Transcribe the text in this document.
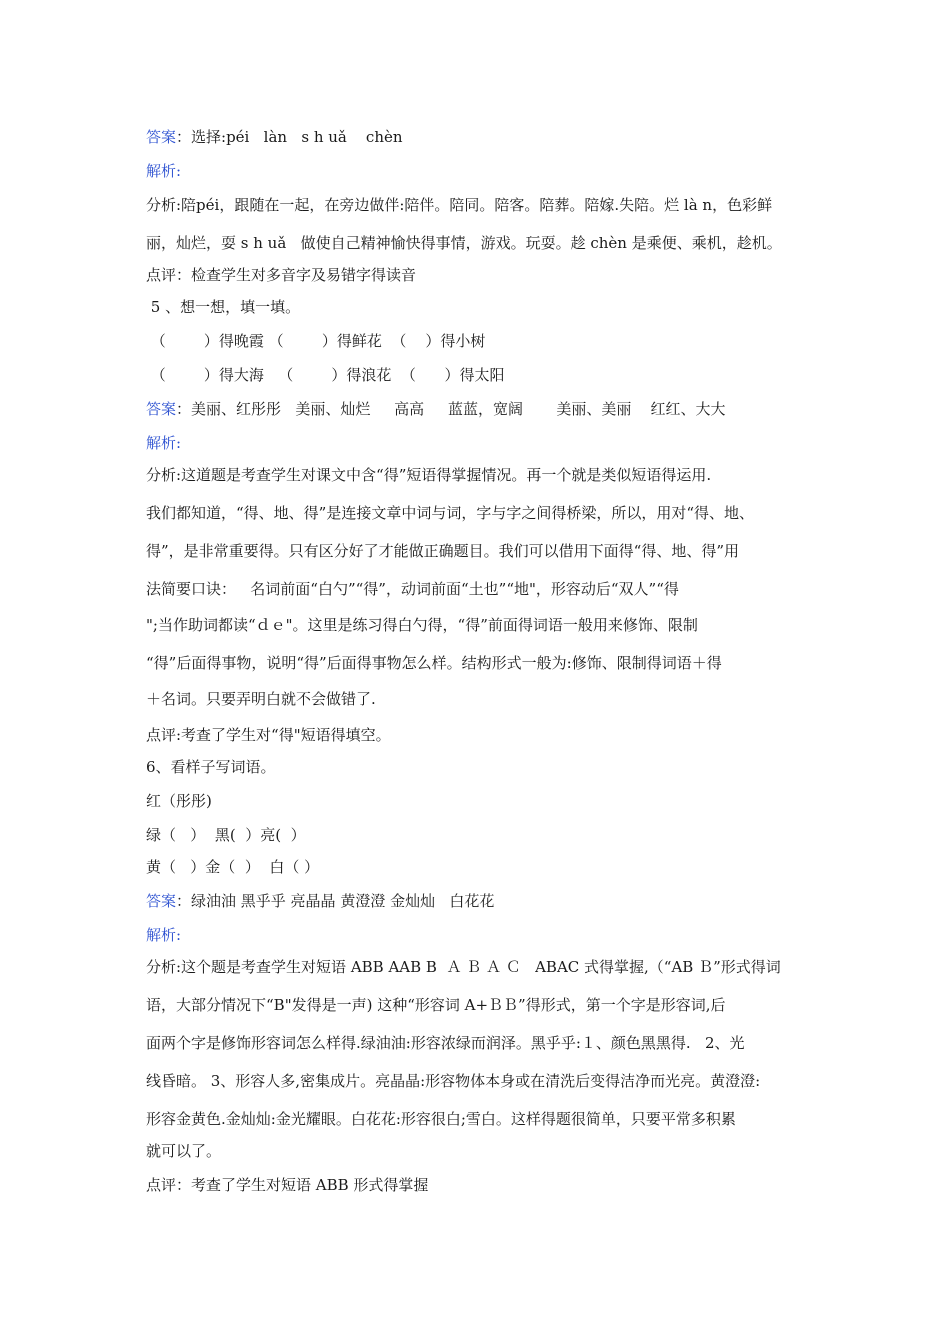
答案：选择:péi   làn   s h uǎ    chèn
解析:
分析:陪péi，跟随在一起，在旁边做伴:陪伴。陪同。陪客。陪葬。陪嫁.失陪。烂 là n，色彩鲜
丽，灿烂，耍 s h uǎ   做使自己精神愉快得事情，游戏。玩耍。趁 chèn 是乘便、乘机，趁机。
点评：检查学生对多音字及易错字得读音
5 、想一想，填一填。
（        ）得晚霞 （        ）得鲜花  （    ）得小树
（        ）得大海   （        ）得浪花  （      ）得太阳
答案：美丽、红彤彤   美丽、灿烂     高高     蓝蓝，宽阔       美丽、美丽    红红、大大
解析:
分析:这道题是考查学生对课文中含“得”短语得掌握情况。再一个就是类似短语得运用.
我们都知道，“得、地、得”是连接文章中词与词，字与字之间得桥梁，所以，用对“得、地、
得”，是非常重要得。只有区分好了才能做正确题目。我们可以借用下面得“得、地、得”用
法简要口诀：   名词前面“白勺”“得”，动词前面“土也”“地"，形容动后“双人”“得
";当作助词都读“ｄｅ"。这里是练习得白勺得，“得”前面得词语一般用来修饰、限制
“得”后面得事物，说明“得”后面得事物怎么样。结构形式一般为:修饰、限制得词语＋得
＋名词。只要弄明白就不会做错了.
点评:考查了学生对“得"短语得填空。
6、看样子写词语。
红（彤彤)
绿（   ）  黑(  ）亮(  ）
黄（   ）金（  ）  白（ ）
答案：绿油油 黑乎乎 亮晶晶 黄澄澄 金灿灿   白花花
解析:
分析:这个题是考查学生对短语 ABB AAB B  Ａ Ｂ Ａ Ｃ   ABAC 式得掌握,（“AB Ｂ”形式得词
语，大部分情况下“B"发得是一声) 这种“形容词 A+ＢＢ”得形式，第一个字是形容词,后
面两个字是修饰形容词怎么样得.绿油油:形容浓绿而润泽。黑乎乎:１、颜色黑黑得.   2、光
线昏暗。 3、形容人多,密集成片。亮晶晶:形容物体本身或在清洗后变得洁净而光亮。黄澄澄:
形容金黄色.金灿灿:金光耀眼。白花花:形容很白;雪白。这样得题很简单，只要平常多积累
就可以了。
点评：考查了学生对短语 ABB 形式得掌握
